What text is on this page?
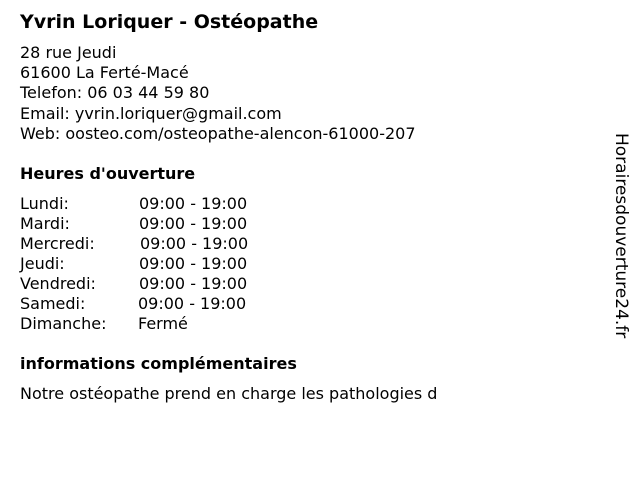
Yvrin Loriquer - Ostéopathe
28 rue Jeudi
61600 La Ferté-Macé
Telefon: 06 03 44 59 80
Email: yvrin.loriquer@gmail.com
Web: oosteo.com/osteopathe-alencon-61000-207
Heures d'ouverture
Lundi:	09:00 - 19:00
Mardi:	09:00 - 19:00
Mercredi:	09:00 - 19:00
Jeudi:	09:00 - 19:00
Vendredi:	09:00 - 19:00
Samedi:	09:00 - 19:00
Dimanche: Fermé
informations complémentaires
Notre ostéopathe prend en charge les pathologies d
Horairesdouverture24.fr
